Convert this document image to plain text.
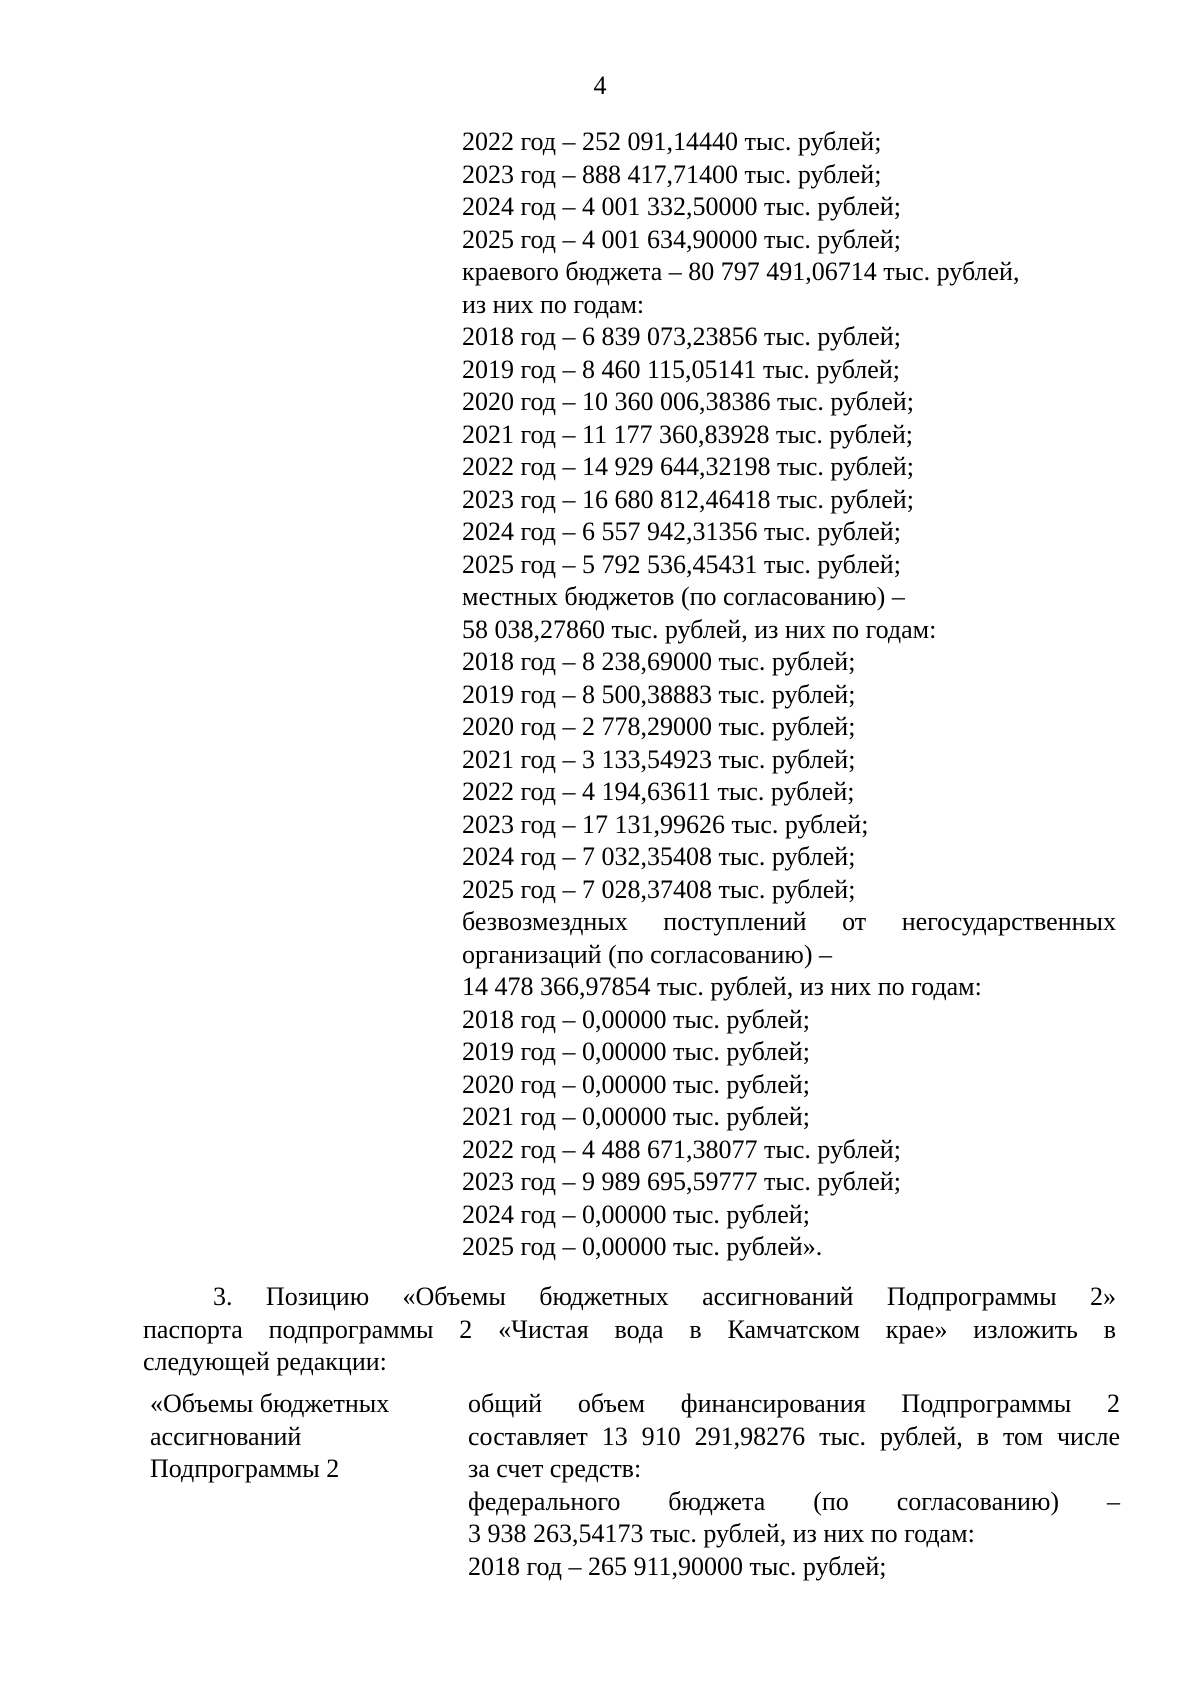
4
2022 год – 252 091,14440 тыс. рублей;
2023 год – 888 417,71400 тыс. рублей;
2024 год – 4 001 332,50000 тыс. рублей;
2025 год – 4 001 634,90000 тыс. рублей;
краевого бюджета – 80 797 491,06714 тыс. рублей,
из них по годам:
2018 год – 6 839 073,23856 тыс. рублей;
2019 год – 8 460 115,05141 тыс. рублей;
2020 год – 10 360 006,38386 тыс. рублей;
2021 год – 11 177 360,83928 тыс. рублей;
2022 год – 14 929 644,32198 тыс. рублей;
2023 год – 16 680 812,46418 тыс. рублей;
2024 год – 6 557 942,31356 тыс. рублей;
2025 год – 5 792 536,45431 тыс. рублей;
местных бюджетов (по согласованию) –
58 038,27860 тыс. рублей, из них по годам:
2018 год – 8 238,69000 тыс. рублей;
2019 год – 8 500,38883 тыс. рублей;
2020 год – 2 778,29000 тыс. рублей;
2021 год – 3 133,54923 тыс. рублей;
2022 год – 4 194,63611 тыс. рублей;
2023 год – 17 131,99626 тыс. рублей;
2024 год – 7 032,35408 тыс. рублей;
2025 год – 7 028,37408 тыс. рублей;
безвозмездных поступлений от негосударственных
организаций (по согласованию) –
14 478 366,97854 тыс. рублей, из них по годам:
2018 год – 0,00000 тыс. рублей;
2019 год – 0,00000 тыс. рублей;
2020 год – 0,00000 тыс. рублей;
2021 год – 0,00000 тыс. рублей;
2022 год – 4 488 671,38077 тыс. рублей;
2023 год – 9 989 695,59777 тыс. рублей;
2024 год – 0,00000 тыс. рублей;
2025 год – 0,00000 тыс. рублей».
3. Позицию «Объемы бюджетных ассигнований Подпрограммы 2»
паспорта подпрограммы 2 «Чистая вода в Камчатском крае» изложить в
следующей редакции:
«Объемы бюджетных
ассигнований
Подпрограммы 2
общий объем финансирования Подпрограммы 2
составляет 13 910 291,98276 тыс. рублей, в том числе
за счет средств:
федерального бюджета (по согласованию) –
3 938 263,54173 тыс. рублей, из них по годам:
2018 год – 265 911,90000 тыс. рублей;
